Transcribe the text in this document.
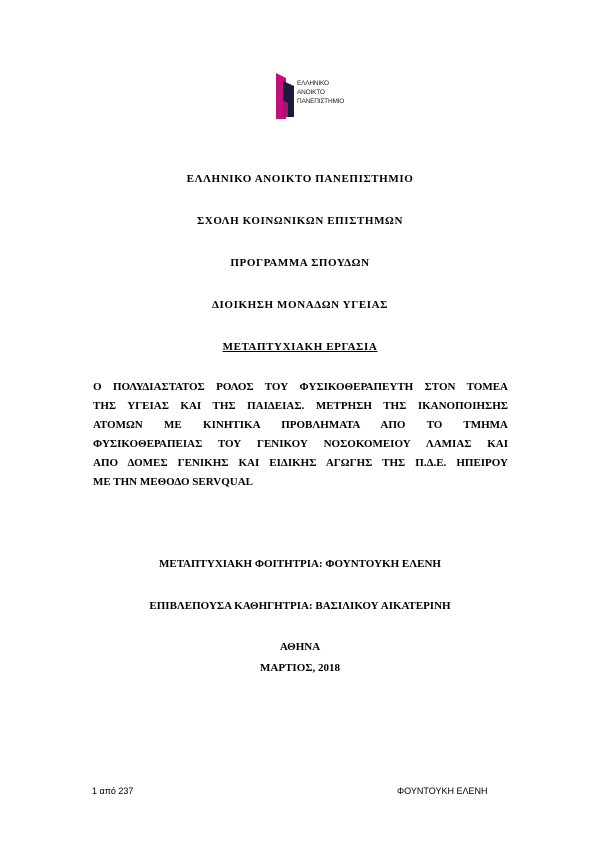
ΕΛΛΗΝΙΚΟ
ΑΝΟΙΚΤΟ
ΠΑΝΕΠΙΣΤΗΜΙΟ
ΕΛΛΗΝΙΚΟ ΑΝΟΙΚΤΟ ΠΑΝΕΠΙΣΤΗΜΙΟ
ΣΧΟΛΗ ΚΟΙΝΩΝΙΚΩΝ ΕΠΙΣΤΗΜΩΝ
ΠΡΟΓΡΑΜΜΑ ΣΠΟΥΔΩΝ
ΔΙΟΙΚΗΣΗ ΜΟΝΑΔΩΝ ΥΓΕΙΑΣ
ΜΕΤΑΠΤΥΧΙΑΚΗ ΕΡΓΑΣΙΑ
Ο ΠΟΛΥΔΙΑΣΤΑΤΟΣ ΡΟΛΟΣ ΤΟΥ ΦΥΣΙΚΟΘΕΡΑΠΕΥΤΗ ΣΤΟΝ ΤΟΜΕΑ
ΤΗΣ ΥΓΕΙΑΣ ΚΑΙ ΤΗΣ ΠΑΙΔΕΙΑΣ. ΜΕΤΡΗΣΗ ΤΗΣ ΙΚΑΝΟΠΟΙΗΣΗΣ
ΑΤΟΜΩΝ ΜΕ ΚΙΝΗΤΙΚΑ ΠΡΟΒΛΗΜΑΤΑ ΑΠΟ ΤΟ ΤΜΗΜΑ
ΦΥΣΙΚΟΘΕΡΑΠΕΙΑΣ ΤΟΥ ΓΕΝΙΚΟΥ ΝΟΣΟΚΟΜΕΙΟΥ ΛΑΜΙΑΣ ΚΑΙ
ΑΠΟ ΔΟΜΕΣ ΓΕΝΙΚΗΣ ΚΑΙ ΕΙΔΙΚΗΣ ΑΓΩΓΗΣ ΤΗΣ Π.Δ.Ε. ΗΠΕΙΡΟΥ
ΜΕ ΤΗΝ ΜΕΘΟΔΟ SERVQUAL
ΜΕΤΑΠΤΥΧΙΑΚΗ ΦΟΙΤΗΤΡΙΑ: ΦΟΥΝΤΟΥΚΗ ΕΛΕΝΗ
ΕΠΙΒΛΕΠΟΥΣΑ ΚΑΘΗΓΗΤΡΙΑ: ΒΑΣΙΛΙΚΟΥ ΑΙΚΑΤΕΡΙΝΗ
ΑΘΗΝΑ
ΜΑΡΤΙΟΣ, 2018
1 από 237	ΦΟΥΝΤΟΥΚΗ ΕΛΕΝΗ
